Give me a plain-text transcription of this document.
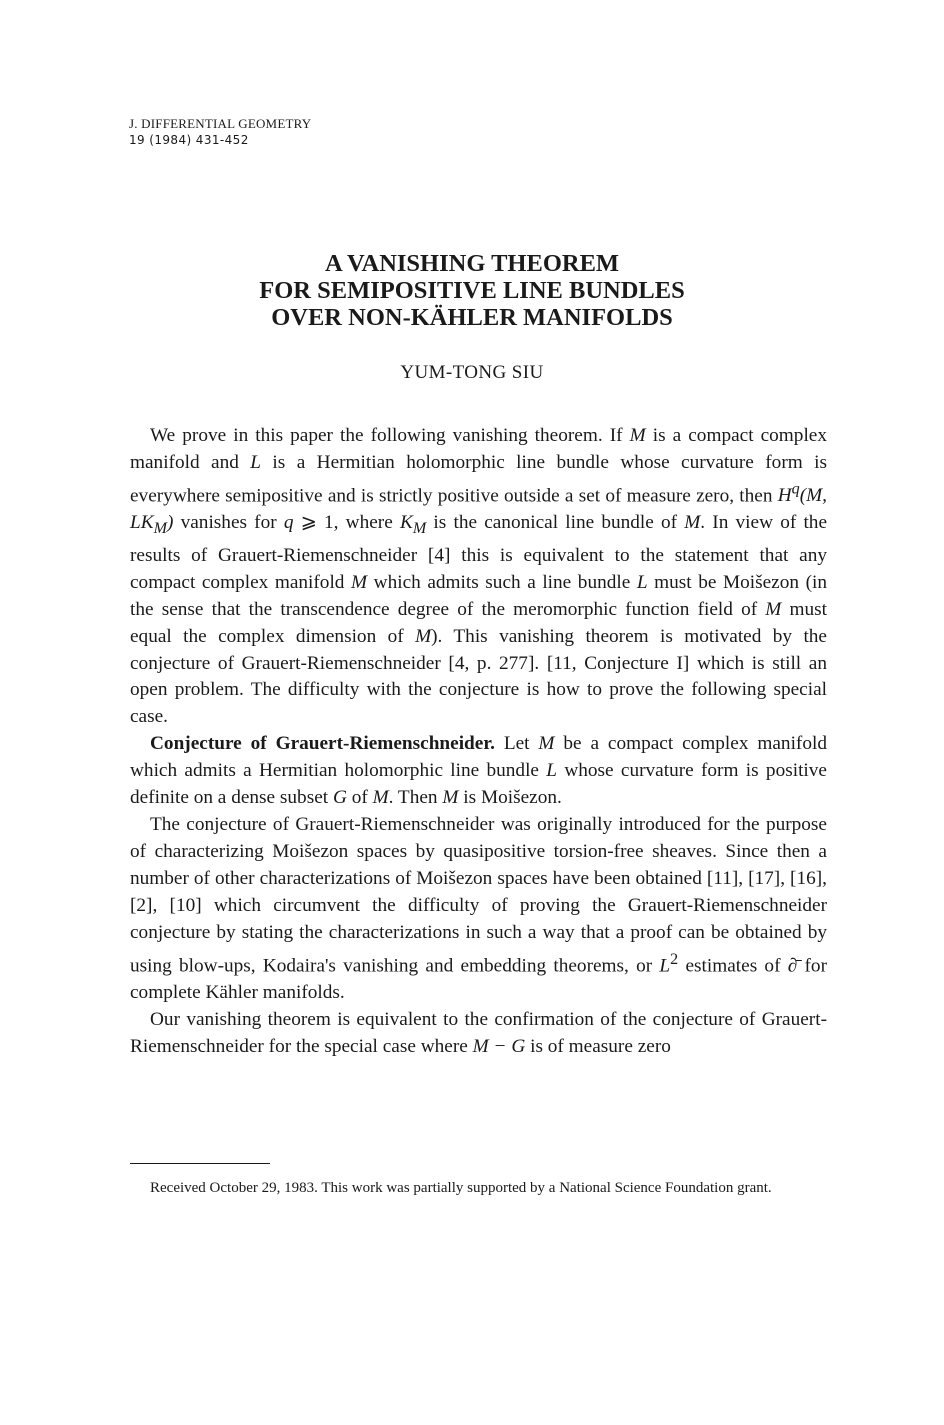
J. DIFFERENTIAL GEOMETRY
19 (1984) 431-452
A VANISHING THEOREM
FOR SEMIPOSITIVE LINE BUNDLES
OVER NON-KÄHLER MANIFOLDS
YUM-TONG SIU

We prove in this paper the following vanishing theorem. If M is a compact complex manifold and L is a Hermitian holomorphic line bundle whose curvature form is everywhere semipositive and is strictly positive outside a set of measure zero, then $H^q(M$, $LK_M$) vanishes for q ⩾ 1, where $K_M$ is the canonical line bundle of M. In view of the results of Grauert-Riemenschneider [4] this is equivalent to the statement that any compact complex manifold M which admits such a line bundle L must be Moišezon (in the sense that the transcendence degree of the meromorphic function field of M must equal the complex dimension of M). This vanishing theorem is motivated by the conjecture of Grauert-Riemenschneider [4, p. 277]. [11, Conjecture I] which is still an open problem. The difficulty with the conjecture is how to prove the following special case.

Conjecture of Grauert-Riemenschneider. Let M be a compact complex manifold which admits a Hermitian holomorphic line bundle L whose curvature form is positive definite on a dense subset G of M. Then M is Moišezon.

The conjecture of Grauert-Riemenschneider was originally introduced for the purpose of characterizing Moišezon spaces by quasipositive torsion-free sheaves. Since then a number of other characterizations of Moišezon spaces have been obtained [11], [17], [16], [2], [10] which circumvent the difficulty of proving the Grauert-Riemenschneider conjecture by stating the characterizations in such a way that a proof can be obtained by using blow-ups, Kodaira's vanishing and embedding theorems, or $L^2$ estimates of ∂̄ for complete Kähler manifolds.

Our vanishing theorem is equivalent to the confirmation of the conjecture of Grauert-Riemenschneider for the special case where M − G is of measure zero

Received October 29, 1983. This work was partially supported by a National Science Foundation grant.
